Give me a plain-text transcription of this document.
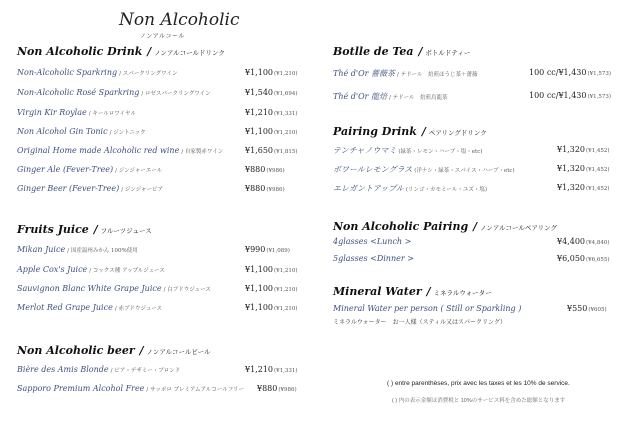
Non Alcoholic
ノンアルコール
Non Alcoholic Drink / ノンアルコールドリンク
Non-Alcoholic Sparkring / スパークリングワイン	¥1,100(¥1,210)
Non-Alcoholic Rosé Sparkring / ロゼスパークリングワイン	¥1,540(¥1,694)
Virgin Kir Roylae / キールロワイヤル	¥1,210(¥1,331)
Non Alcohol Gin Tonic / ジントニック	¥1,100(¥1,210)
Original Home made Alcoholic red wine / 自家製赤ワイン	¥1,650(¥1,815)
Ginger Ale (Fever-Tree) / ジンジャーエール	¥880(¥986)
Ginger Beer (Fever-Tree) / ジンジャービア	¥880(¥986)
Fruits Juice / フルーツジュース
Mikan Juice / 国産温州みかん 100%使用	¥990(¥1,089)
Apple Cox's Juice / コックス種 アップルジュース	¥1,100(¥1,210)
Sauvignon Blanc White Grape Juice / 白ブドウジュース	¥1,100(¥1,210)
Merlot Red Grape Juice / 赤ブドウジュース	¥1,100(¥1,210)
Non Alcoholic beer / ノンアルコールビール
Bière des Amis Blonde / ビア・デザミー・ブロンド	¥1,210(¥1,331)
Sapporo Premium Alcohol Free / サッポロ プレミアムアルコールフリー ¥880(¥986)
Botlle de Tea / ボトルドティー
Thé d'Or 薔薇茶 / テドール　焙煎ほうじ茶＋薔薇	100 cc/¥1,430(¥1,573)
Thé d'Or 龍焙 / テドール　焙煎烏龍茶	100 cc/¥1,430(¥1,573)
Pairing Drink / ペアリングドリンク
テンチャノウマミ (緑茶・レモン・ハーブ・塩・etc)	¥1,320(¥1,452)
ボワールレモングラス (洋ナシ・緑茶・スパイス・ハーブ・etc)	¥1,320(¥1,452)
エレガントアップル (リンゴ・カモミール・ユズ・塩)	¥1,320(¥1,452)
Non Alcoholic Pairing / ノンアルコールペアリング
4glasses <Lunch >	¥4,400(¥4,840)
5glasses <Dinner >	¥6,050(¥6,655)
Mineral Water / ミネラルウォーター
Mineral Water per person ( Still or Sparkling )	¥550(¥605)
ミネラルウォーター　お一人様（スティル又はスパークリング）
( ) entre parenthèses, prix avec les taxes et les 10% de service.
( ) 内の表示金額は消費税と 10%のサービス料を含めた総額となります
